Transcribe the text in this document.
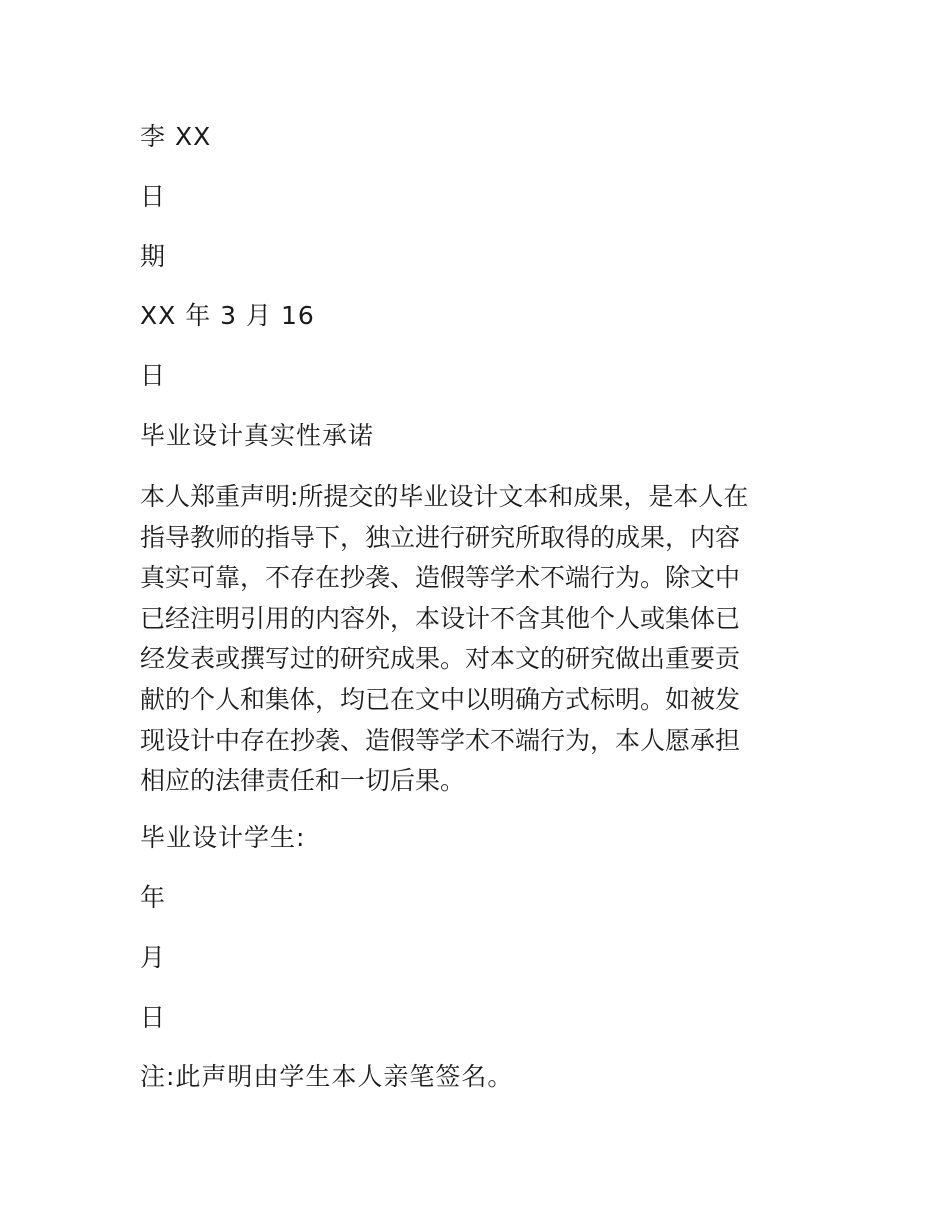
李 XX
日
期
XX 年 3 月 16
日
毕业设计真实性承诺
本人郑重声明:所提交的毕业设计文本和成果，是本人在
指导教师的指导下，独立进行研究所取得的成果，内容
真实可靠，不存在抄袭、造假等学术不端行为。除文中
已经注明引用的内容外，本设计不含其他个人或集体已
经发表或撰写过的研究成果。对本文的研究做出重要贡
献的个人和集体，均已在文中以明确方式标明。如被发
现设计中存在抄袭、造假等学术不端行为，本人愿承担
相应的法律责任和一切后果。
毕业设计学生:
年
月
日
注:此声明由学生本人亲笔签名。
